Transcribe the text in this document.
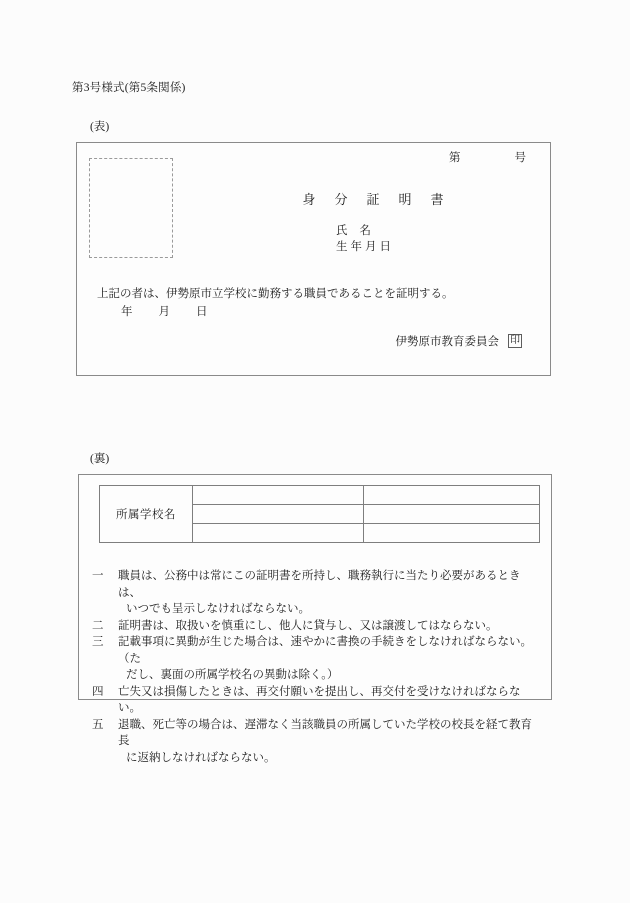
第3号様式(第5条関係)
(表)
第	号
身分証明書
氏名
生年月日
上記の者は、伊勢原市立学校に勤務する職員であることを証明する。
年 月 日
伊勢原市教育委員会 印
(裏)
所属学校名		

一	職員は、公務中は常にこの証明書を所持し、職務執行に当たり必要があるときは、
いつでも呈示しなければならない。
二	証明書は、取扱いを慎重にし、他人に貸与し、又は譲渡してはならない。
三	記載事項に異動が生じた場合は、速やかに書換の手続きをしなければならない。（た
だし、裏面の所属学校名の異動は除く。）
四	亡失又は損傷したときは、再交付願いを提出し、再交付を受けなければならない。
五	退職、死亡等の場合は、遅滞なく当該職員の所属していた学校の校長を経て教育長
に返納しなければならない。
